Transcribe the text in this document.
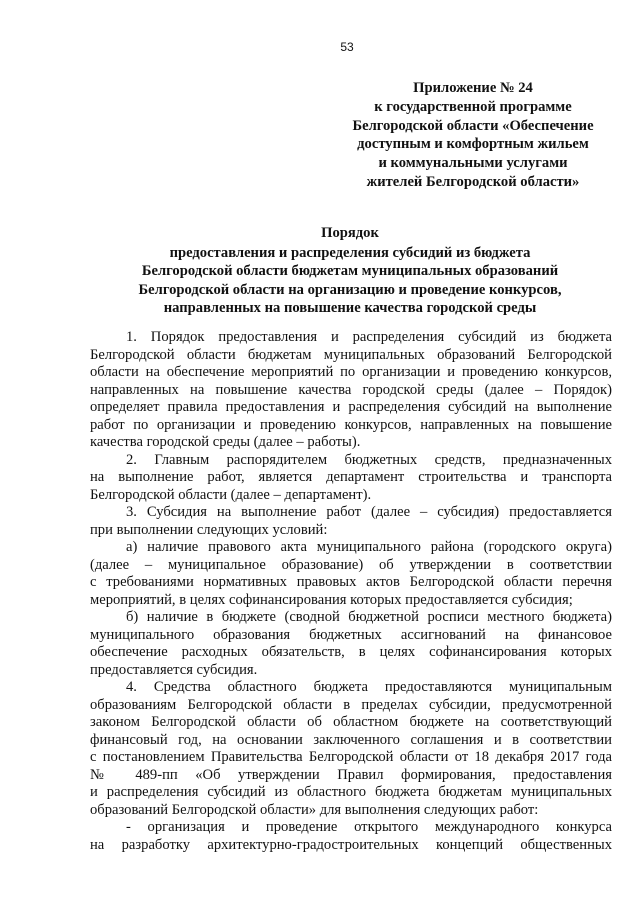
53
Приложение № 24
к государственной программе
Белгородской области «Обеспечение
доступным и комфортным жильем
и коммунальными услугами
жителей Белгородской области»
Порядок
предоставления и распределения субсидий из бюджета
Белгородской области бюджетам муниципальных образований
Белгородской области на организацию и проведение конкурсов,
направленных на повышение качества городской среды
1. Порядок предоставления и распределения субсидий из бюджета
Белгородской области бюджетам муниципальных образований Белгородской
области на обеспечение мероприятий по организации и проведению конкурсов,
направленных на повышение качества городской среды (далее – Порядок)
определяет правила предоставления и распределения субсидий на выполнение
работ по организации и проведению конкурсов, направленных на повышение
качества городской среды (далее – работы).
2. Главным распорядителем бюджетных средств, предназначенных
на выполнение работ, является департамент строительства и транспорта
Белгородской области (далее – департамент).
3. Субсидия на выполнение работ (далее – субсидия) предоставляется
при выполнении следующих условий:
а) наличие правового акта муниципального района (городского округа)
(далее – муниципальное образование) об утверждении в соответствии
с требованиями нормативных правовых актов Белгородской области перечня
мероприятий, в целях софинансирования которых предоставляется субсидия;
б) наличие в бюджете (сводной бюджетной росписи местного бюджета)
муниципального образования бюджетных ассигнований на финансовое
обеспечение расходных обязательств, в целях софинансирования которых
предоставляется субсидия.
4. Средства областного бюджета предоставляются муниципальным
образованиям Белгородской области в пределах субсидии, предусмотренной
законом Белгородской области об областном бюджете на соответствующий
финансовый год, на основании заключенного соглашения и в соответствии
с постановлением Правительства Белгородской области от 18 декабря 2017 года
№ 489-пп «Об утверждении Правил формирования, предоставления
и распределения субсидий из областного бюджета бюджетам муниципальных
образований Белгородской области» для выполнения следующих работ:
- организация и проведение открытого международного конкурса
на разработку архитектурно-градостроительных концепций общественных
